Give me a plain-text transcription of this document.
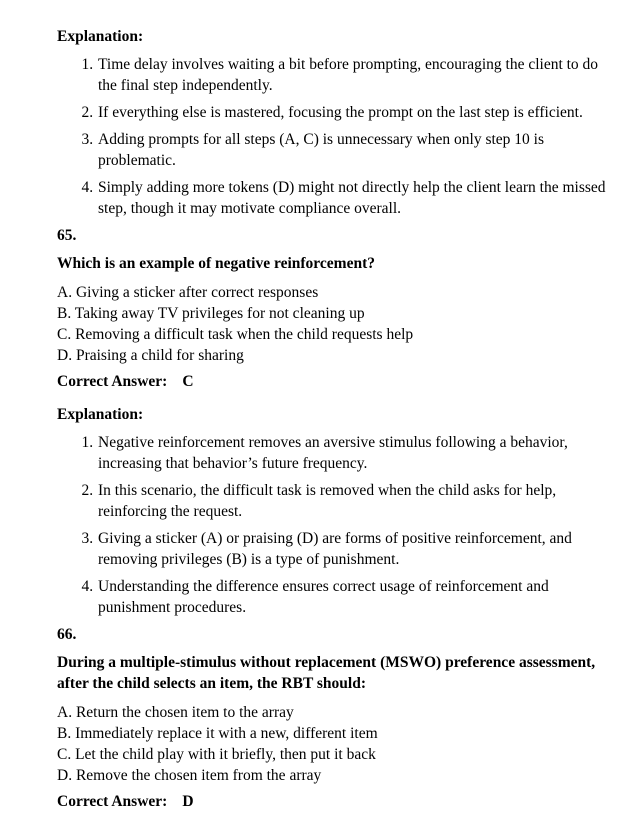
Explanation:

1. Time delay involves waiting a bit before prompting, encouraging the client to do the final step independently.
2. If everything else is mastered, focusing the prompt on the last step is efficient.
3. Adding prompts for all steps (A, C) is unnecessary when only step 10 is problematic.
4. Simply adding more tokens (D) might not directly help the client learn the missed step, though it may motivate compliance overall.

65.

Which is an example of negative reinforcement?

A. Giving a sticker after correct responses
B. Taking away TV privileges for not cleaning up
C. Removing a difficult task when the child requests help
D. Praising a child for sharing

Correct Answer: C

Explanation:

1. Negative reinforcement removes an aversive stimulus following a behavior, increasing that behavior’s future frequency.
2. In this scenario, the difficult task is removed when the child asks for help, reinforcing the request.
3. Giving a sticker (A) or praising (D) are forms of positive reinforcement, and removing privileges (B) is a type of punishment.
4. Understanding the difference ensures correct usage of reinforcement and punishment procedures.

66.

During a multiple-stimulus without replacement (MSWO) preference assessment, after the child selects an item, the RBT should:

A. Return the chosen item to the array
B. Immediately replace it with a new, different item
C. Let the child play with it briefly, then put it back
D. Remove the chosen item from the array

Correct Answer: D
